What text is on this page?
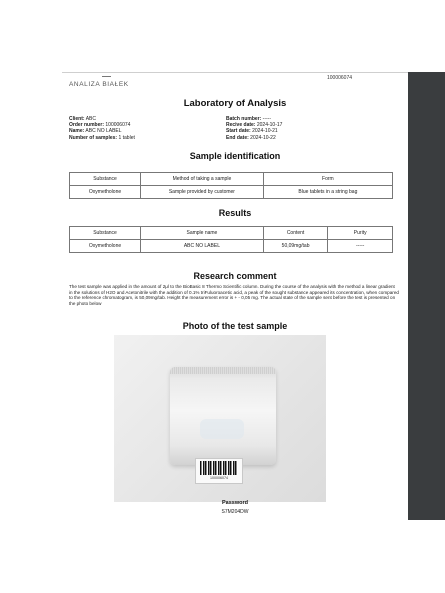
ANALIZA BIAŁEK
100006074
Laboratory of Analysis
Client: ABC
Order number: 100006074
Name: ABC NO LABEL
Number of samples: 1 tablet
Batch number: -----
Recive date: 2024-10-17
Start date: 2024-10-21
End date: 2024-10-22
Sample identification
Substance	Method of taking a sample	Form
Oxymetholone	Sample provided by customer	Blue tablets in a string bag
Results
Substance	Sample name	Content	Purity
Oxymetholone	ABC NO LABEL	50,09mg/tab	-----
Research comment
The test sample was applied in the amount of 2μl to the BioBasic 8 Thermo Scientific column. During the course of the analysis with the method a linear gradient in the solutions of H2O and Acetonitrile with the addition of 0.1% triFuluoroacetic acid, a peak of the sought substance appeared its concentration, when compared to the reference chromatogram, is 50,09mg/tab. Height the measurement error is + - 0,05 mg. The actual state of the sample sent before the test is presented on the photo below
Photo of the test sample
100006074
Password
S7M204DW
